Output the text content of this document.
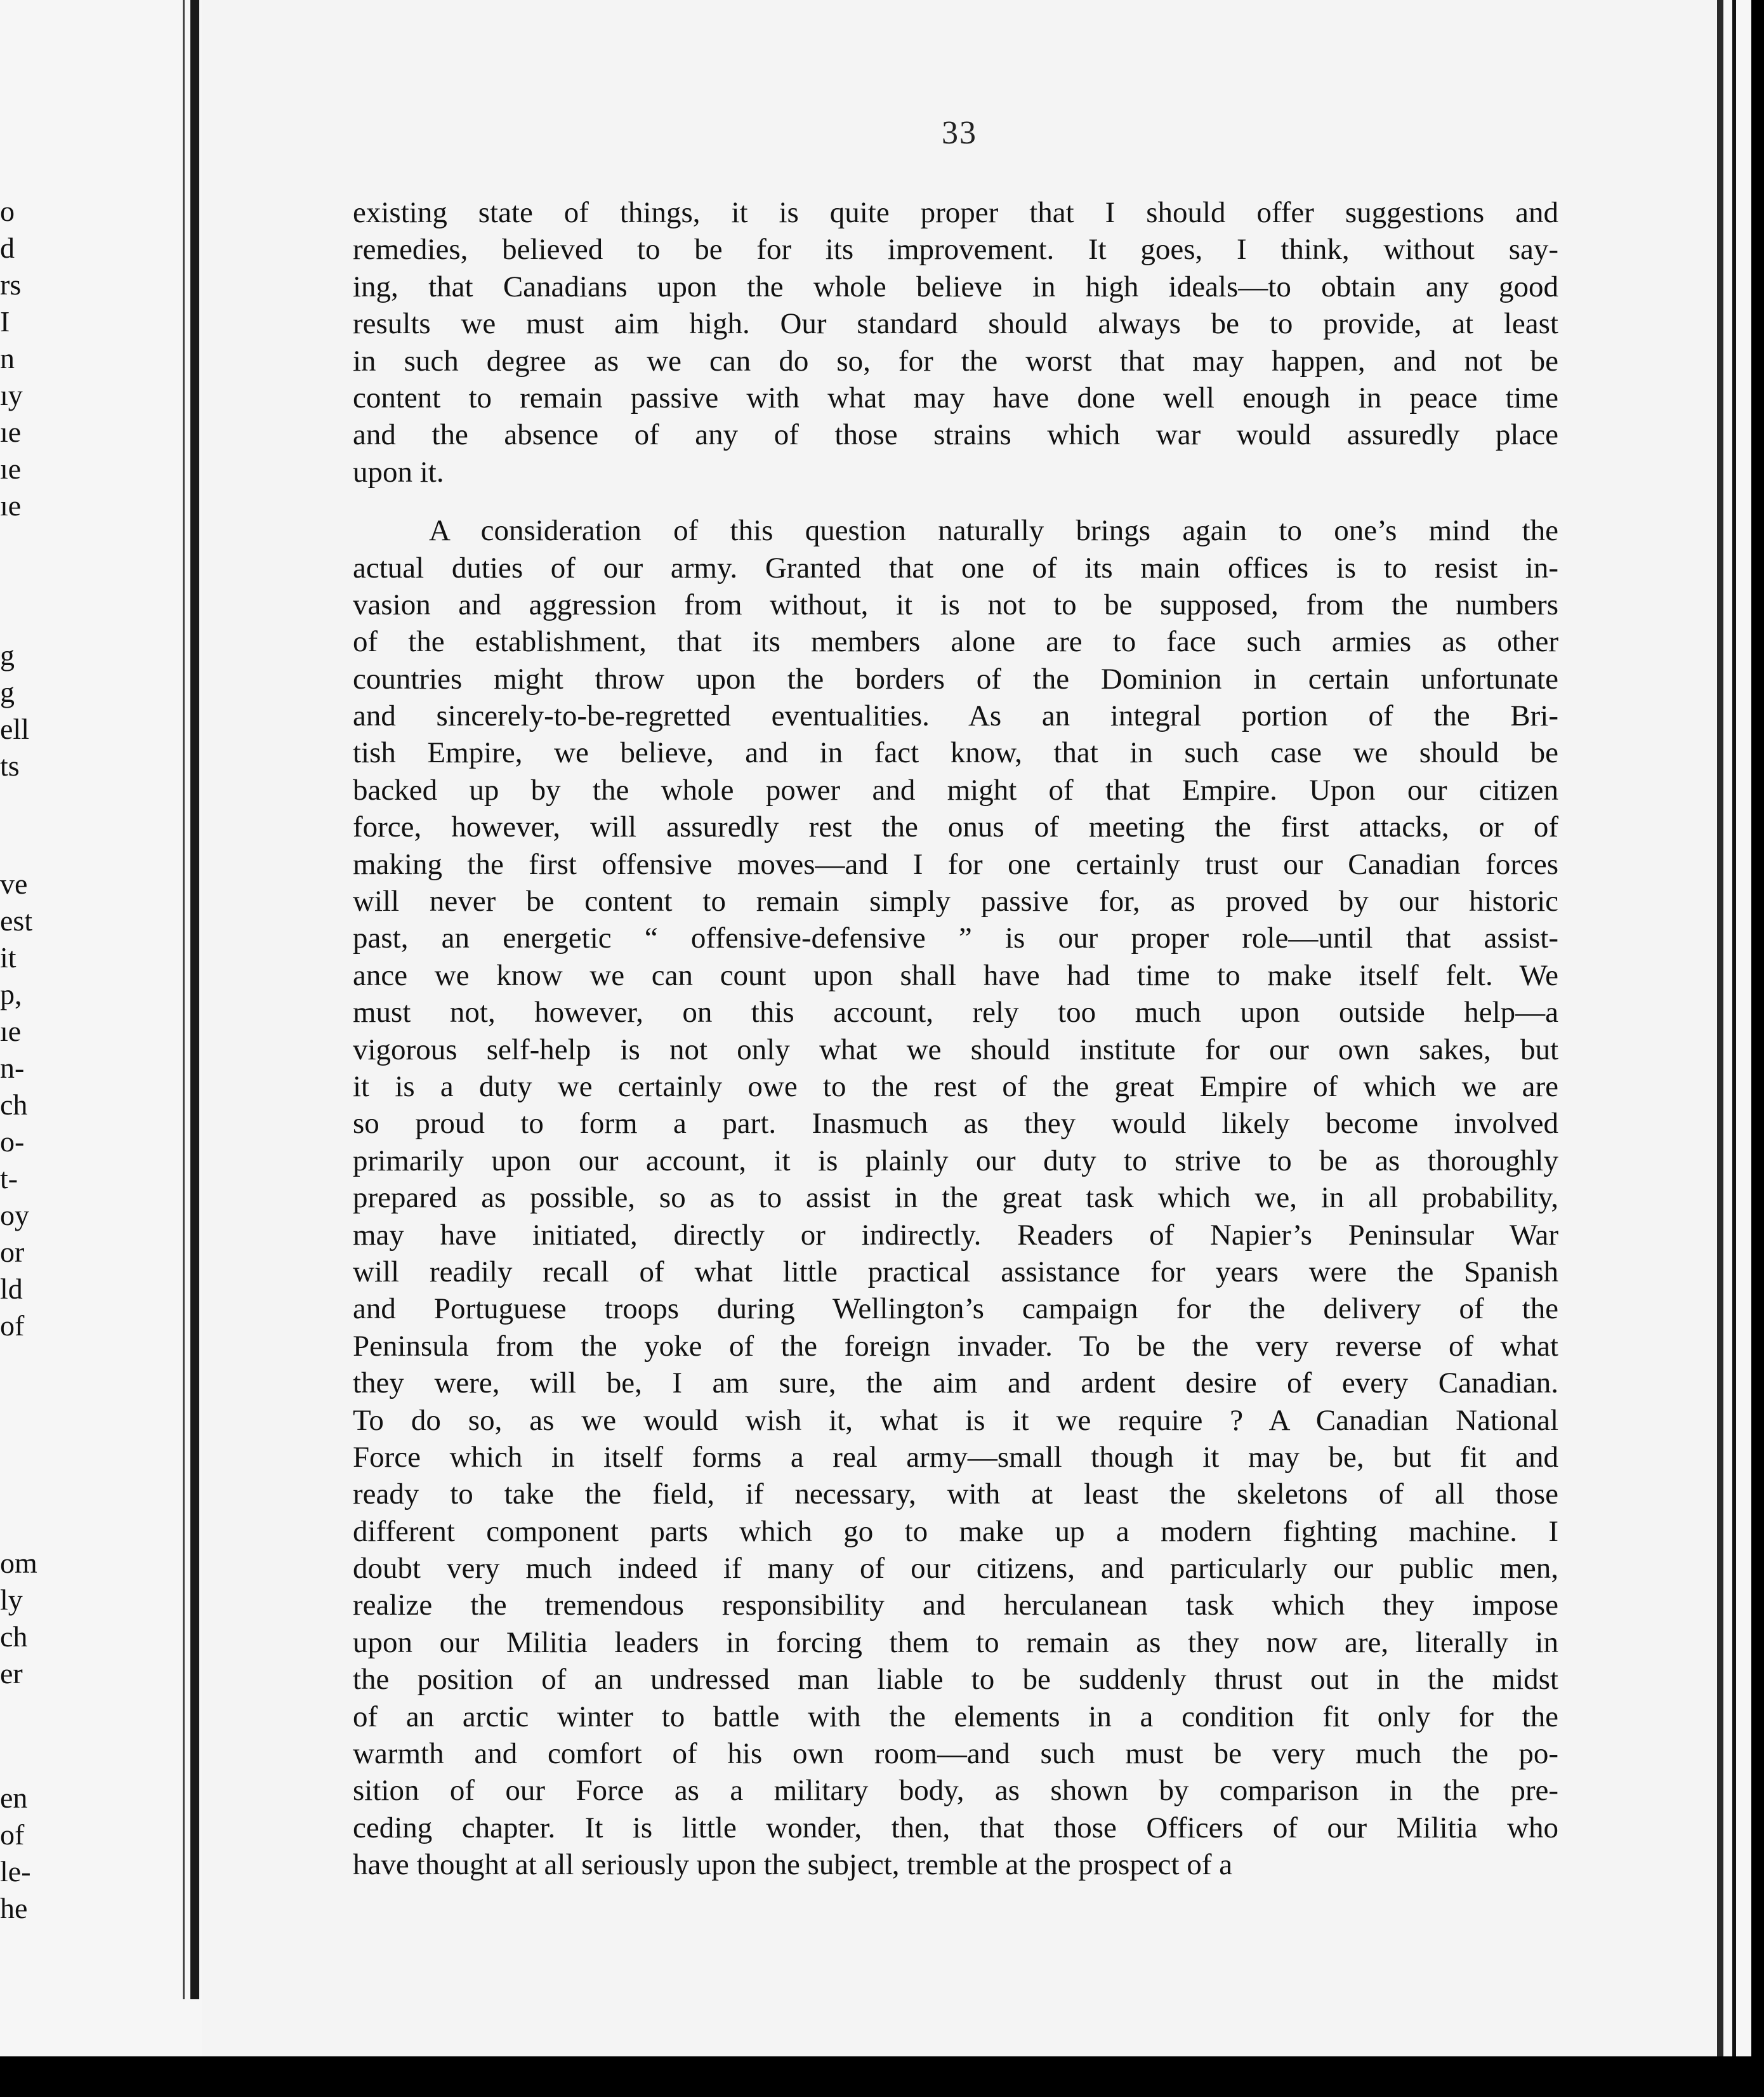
o
d
rs
I
n
ıy
ıe
ıe
ıe
g
g
ell
ts
ve
est
it
p,
ıe
n-
ch
o-
t-
oy
or
ld
of
om
ly
ch
er
en
of
le-
he
33
existing state of things, it is quite proper that I should offer suggestions and
remedies, believed to be for its improvement. It goes, I think, without say-
ing, that Canadians upon the whole believe in high ideals—to obtain any good
results we must aim high. Our standard should always be to provide, at least
in such degree as we can do so, for the worst that may happen, and not be
content to remain passive with what may have done well enough in peace time
and the absence of any of those strains which war would assuredly place
upon it.
A consideration of this question naturally brings again to one’s mind the
actual duties of our army. Granted that one of its main offices is to resist in-
vasion and aggression from without, it is not to be supposed, from the numbers
of the establishment, that its members alone are to face such armies as other
countries might throw upon the borders of the Dominion in certain unfortunate
and sincerely-to-be-regretted eventualities. As an integral portion of the Bri-
tish Empire, we believe, and in fact know, that in such case we should be
backed up by the whole power and might of that Empire. Upon our citizen
force, however, will assuredly rest the onus of meeting the first attacks, or of
making the first offensive moves—and I for one certainly trust our Canadian forces
will never be content to remain simply passive for, as proved by our historic
past, an energetic “ offensive-defensive ” is our proper role—until that assist-
ance we know we can count upon shall have had time to make itself felt. We
must not, however, on this account, rely too much upon outside help—a
vigorous self-help is not only what we should institute for our own sakes, but
it is a duty we certainly owe to the rest of the great Empire of which we are
so proud to form a part. Inasmuch as they would likely become involved
primarily upon our account, it is plainly our duty to strive to be as thoroughly
prepared as possible, so as to assist in the great task which we, in all probability,
may have initiated, directly or indirectly. Readers of Napier’s Peninsular War
will readily recall of what little practical assistance for years were the Spanish
and Portuguese troops during Wellington’s campaign for the delivery of the
Peninsula from the yoke of the foreign invader. To be the very reverse of what
they were, will be, I am sure, the aim and ardent desire of every Canadian.
To do so, as we would wish it, what is it we require ? A Canadian National
Force which in itself forms a real army—small though it may be, but fit and
ready to take the field, if necessary, with at least the skeletons of all those
different component parts which go to make up a modern fighting machine. I
doubt very much indeed if many of our citizens, and particularly our public men,
realize the tremendous responsibility and herculanean task which they impose
upon our Militia leaders in forcing them to remain as they now are, literally in
the position of an undressed man liable to be suddenly thrust out in the midst
of an arctic winter to battle with the elements in a condition fit only for the
warmth and comfort of his own room—and such must be very much the po-
sition of our Force as a military body, as shown by comparison in the pre-
ceding chapter. It is little wonder, then, that those Officers of our Militia who
have thought at all seriously upon the subject, tremble at the prospect of a
